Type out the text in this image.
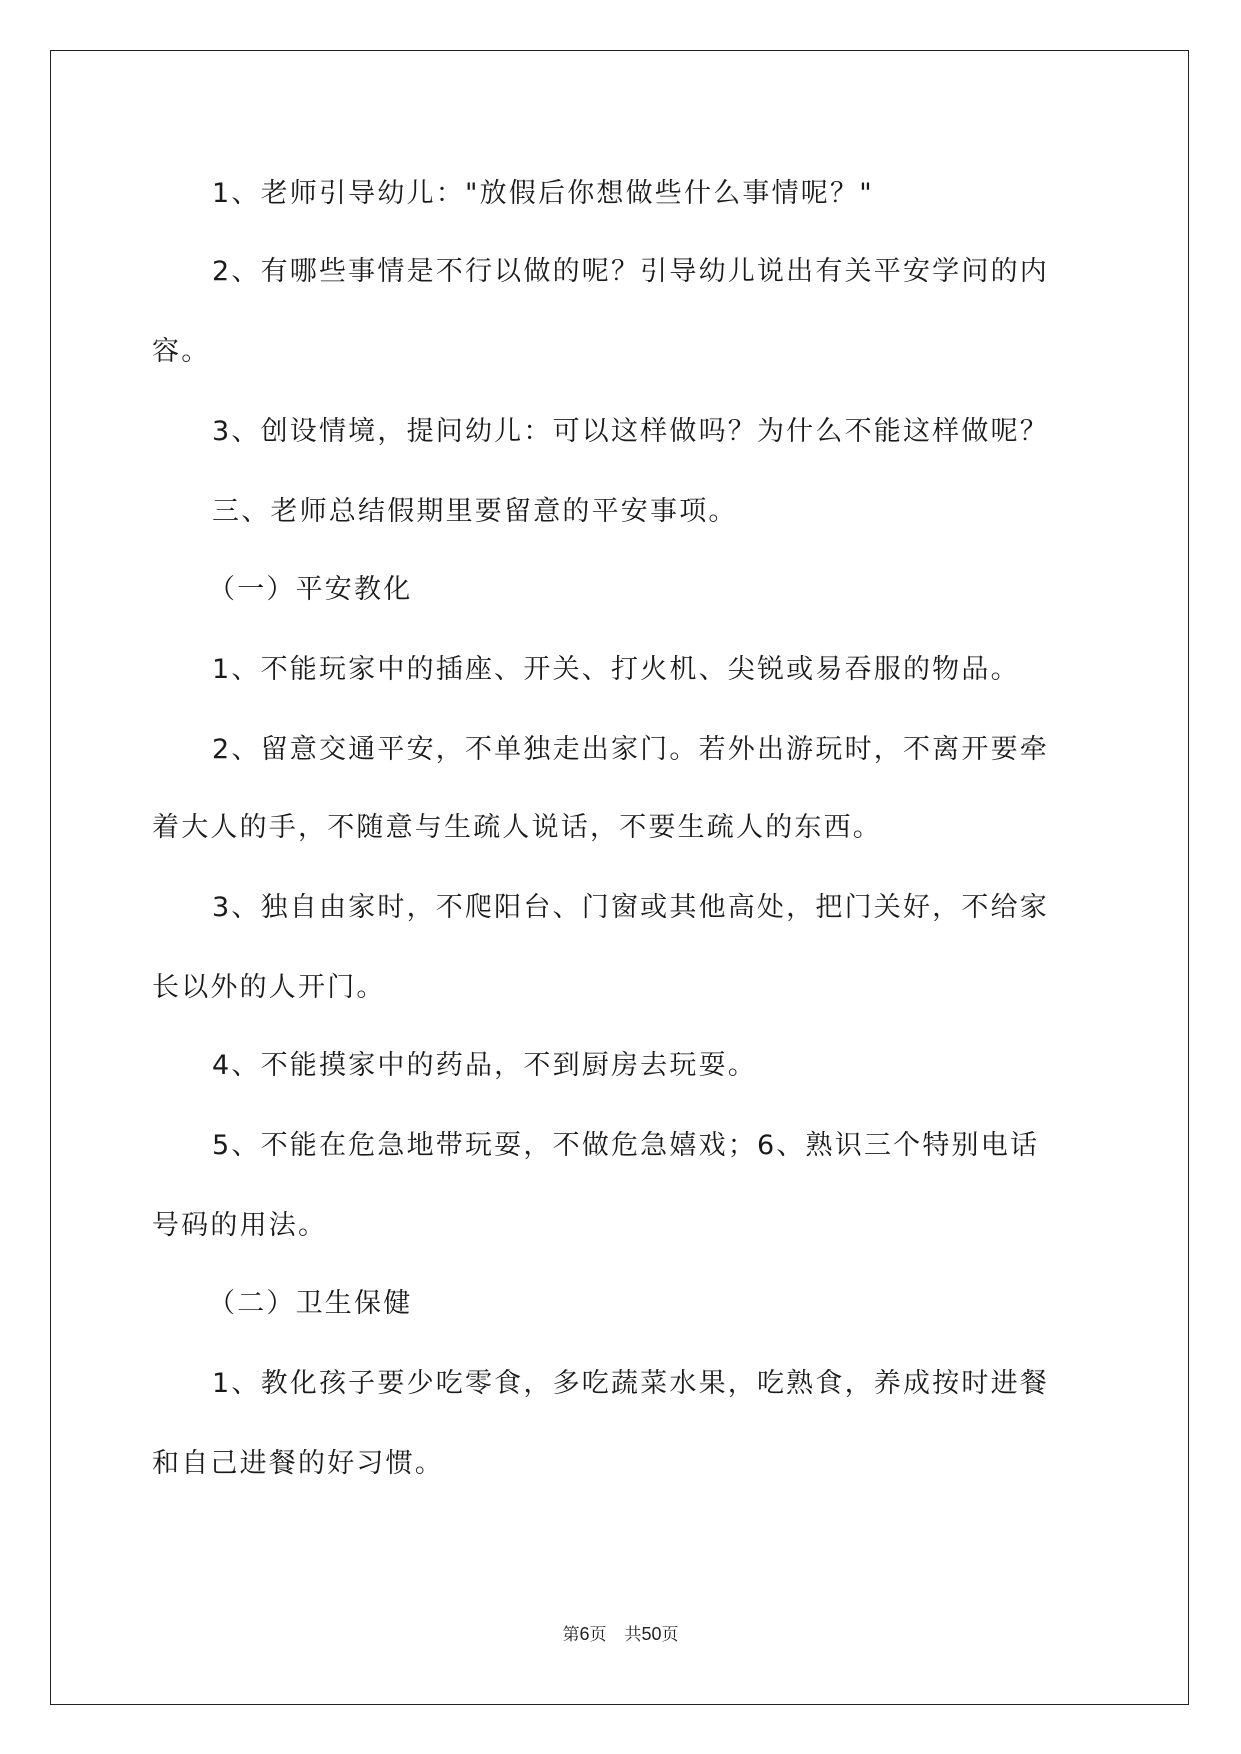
1、老师引导幼儿："放假后你想做些什么事情呢？"
2、有哪些事情是不行以做的呢？引导幼儿说出有关平安学问的内
容。
3、创设情境，提问幼儿：可以这样做吗？为什么不能这样做呢？
三、老师总结假期里要留意的平安事项。
（一）平安教化
1、不能玩家中的插座、开关、打火机、尖锐或易吞服的物品。
2、留意交通平安，不单独走出家门。若外出游玩时，不离开要牵
着大人的手，不随意与生疏人说话，不要生疏人的东西。
3、独自由家时，不爬阳台、门窗或其他高处，把门关好，不给家
长以外的人开门。
4、不能摸家中的药品，不到厨房去玩耍。
5、不能在危急地带玩耍，不做危急嬉戏；6、熟识三个特别电话
号码的用法。
（二）卫生保健
1、教化孩子要少吃零食，多吃蔬菜水果，吃熟食，养成按时进餐
和自己进餐的好习惯。
第6页 共50页
